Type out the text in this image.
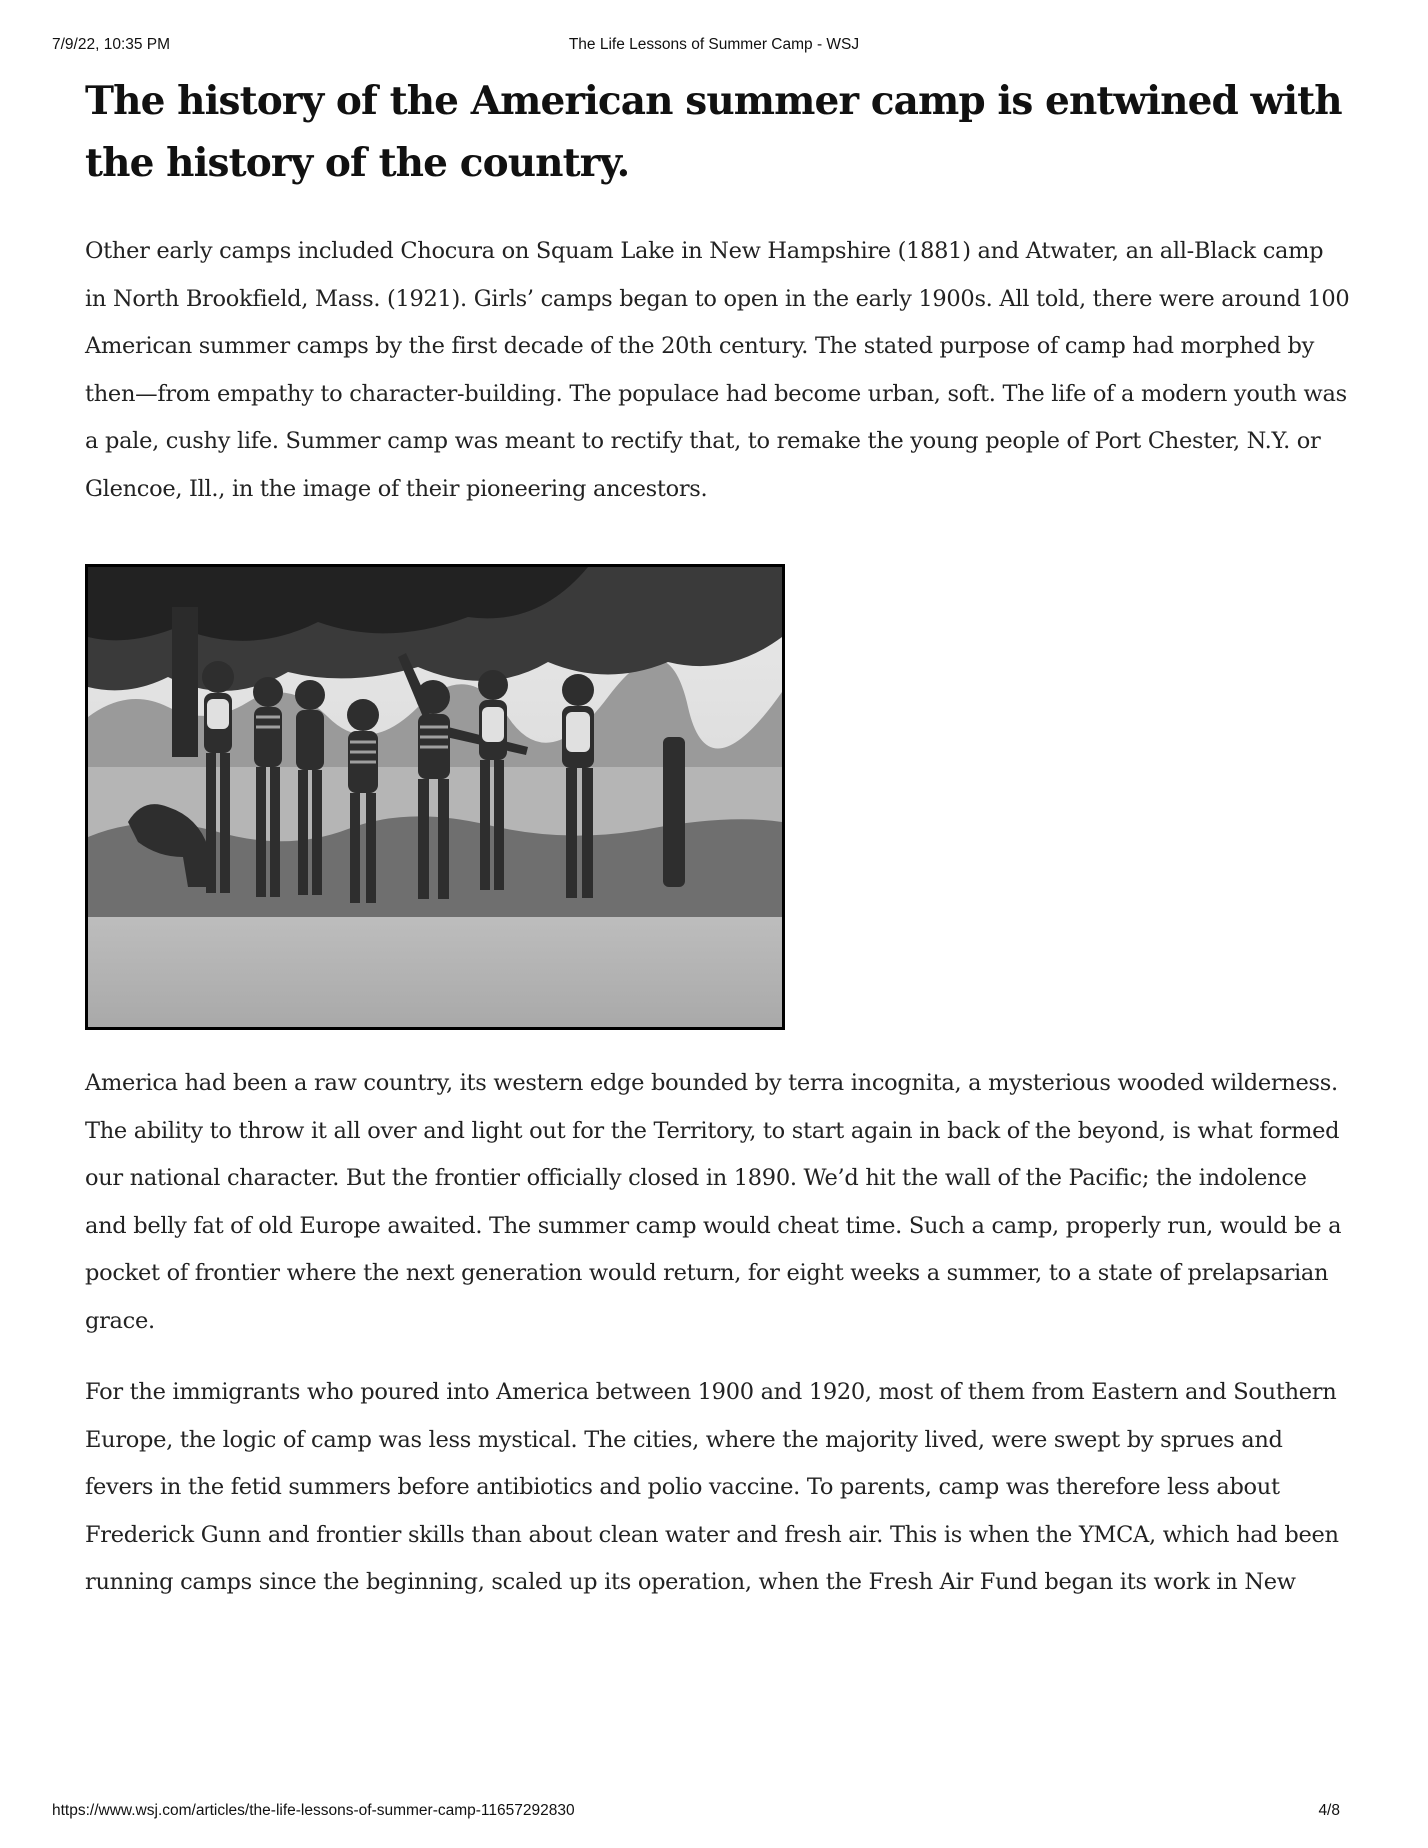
7/9/22, 10:35 PM	The Life Lessons of Summer Camp - WSJ
The history of the American summer camp is entwined with the history of the country.

Other early camps included Chocura on Squam Lake in New Hampshire (1881) and Atwater, an all-Black camp in North Brookfield, Mass. (1921). Girls’ camps began to open in the early 1900s. All told, there were around 100 American summer camps by the first decade of the 20th century. The stated purpose of camp had morphed by then—from empathy to character-building. The populace had become urban, soft. The life of a modern youth was a pale, cushy life. Summer camp was meant to rectify that, to remake the young people of Port Chester, N.Y. or Glencoe, Ill., in the image of their pioneering ancestors.

America had been a raw country, its western edge bounded by terra incognita, a mysterious wooded wilderness. The ability to throw it all over and light out for the Territory, to start again in back of the beyond, is what formed our national character. But the frontier officially closed in 1890. We’d hit the wall of the Pacific; the indolence and belly fat of old Europe awaited. The summer camp would cheat time. Such a camp, properly run, would be a pocket of frontier where the next generation would return, for eight weeks a summer, to a state of prelapsarian grace.

For the immigrants who poured into America between 1900 and 1920, most of them from Eastern and Southern Europe, the logic of camp was less mystical. The cities, where the majority lived, were swept by sprues and fevers in the fetid summers before antibiotics and polio vaccine. To parents, camp was therefore less about Frederick Gunn and frontier skills than about clean water and fresh air. This is when the YMCA, which had been running camps since the beginning, scaled up its operation, when the Fresh Air Fund began its work in New

https://www.wsj.com/articles/the-life-lessons-of-summer-camp-11657292830	4/8
